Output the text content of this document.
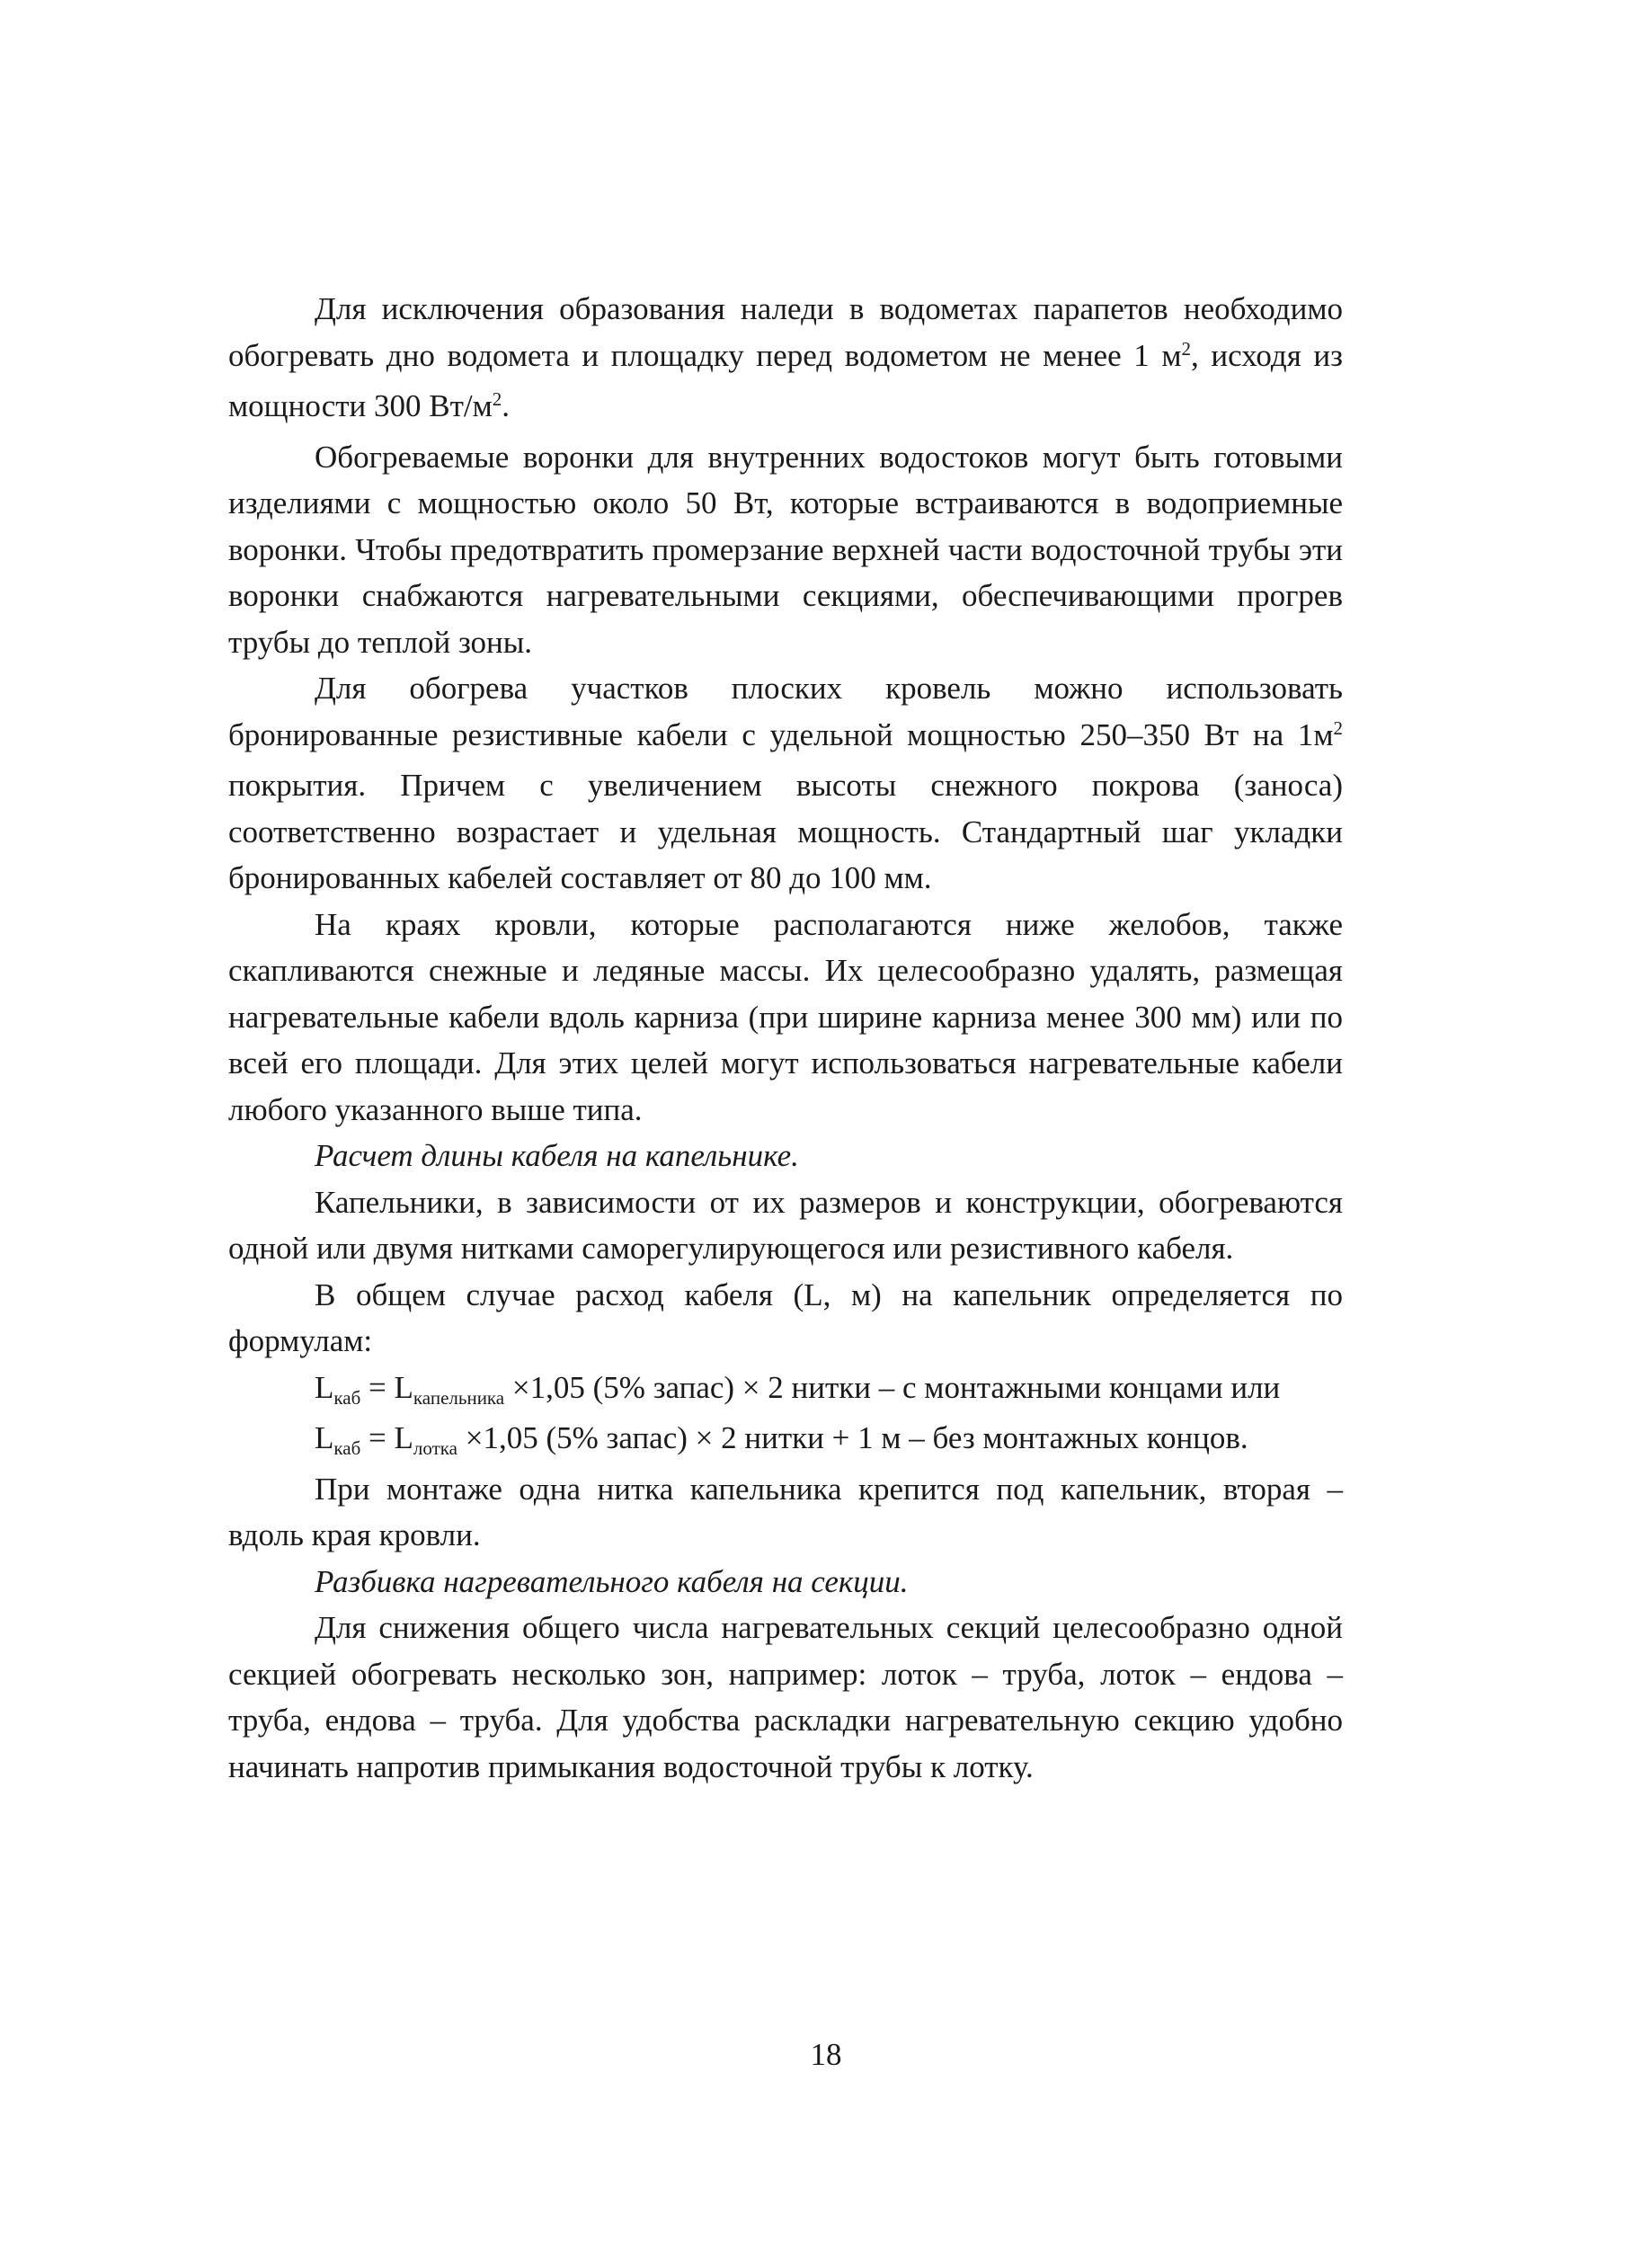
Для исключения образования наледи в водометах парапетов необходимо обогревать дно водомета и площадку перед водометом не менее 1 $м^2$, исходя из мощности 300 $Вт/м^2$.

Обогреваемые воронки для внутренних водостоков могут быть готовыми изделиями с мощностью около 50 Вт, которые встраиваются в водоприемные воронки. Чтобы предотвратить промерзание верхней части водосточной трубы эти воронки снабжаются нагревательными секциями, обеспечивающими прогрев трубы до теплой зоны.

Для обогрева участков плоских кровель можно использовать бронированные резистивные кабели с удельной мощностью 250–350 Вт на $1м^2$ покрытия. Причем с увеличением высоты снежного покрова (заноса) соответственно возрастает и удельная мощность. Стандартный шаг укладки бронированных кабелей составляет от 80 до 100 мм.

На краях кровли, которые располагаются ниже желобов, также скапливаются снежные и ледяные массы. Их целесообразно удалять, размещая нагревательные кабели вдоль карниза (при ширине карниза менее 300 мм) или по всей его площади. Для этих целей могут использоваться нагревательные кабели любого указанного выше типа.

Расчет длины кабеля на капельнике.

Капельники, в зависимости от их размеров и конструкции, обогреваются одной или двумя нитками саморегулирующегося или резистивного кабеля.

В общем случае расход кабеля (L, м) на капельник определяется по формулам:

$L_{каб} = L_{капельника} \times 1,05$ (5% запас) × 2 нитки – с монтажными концами или

$L_{каб} = L_{лотка} \times 1,05$ (5% запас) × 2 нитки + 1 м – без монтажных концов.

При монтаже одна нитка капельника крепится под капельник, вторая – вдоль края кровли.

Разбивка нагревательного кабеля на секции.

Для снижения общего числа нагревательных секций целесообразно одной секцией обогревать несколько зон, например: лоток – труба, лоток – ендова – труба, ендова – труба. Для удобства раскладки нагревательную секцию удобно начинать напротив примыкания водосточной трубы к лотку.

18
